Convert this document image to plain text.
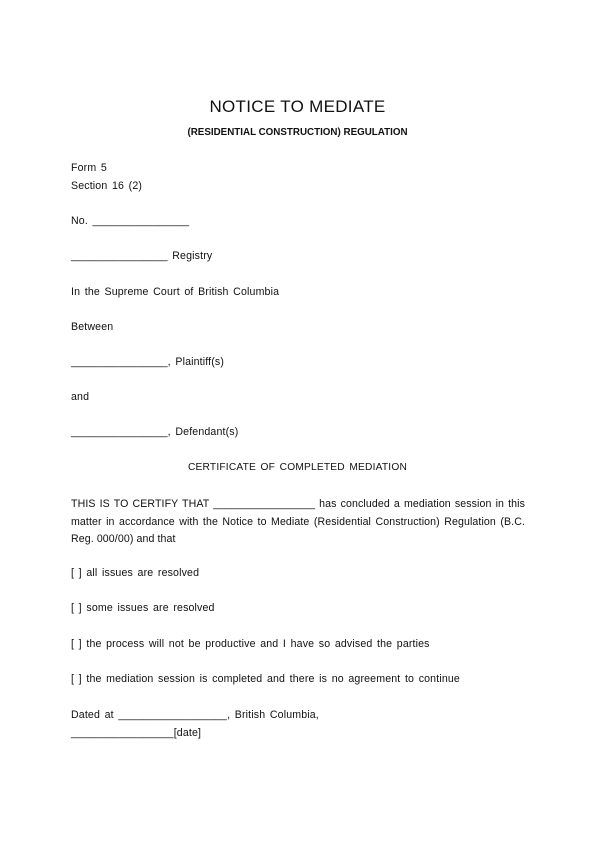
NOTICE TO MEDIATE
(RESIDENTIAL CONSTRUCTION) REGULATION
Form 5
Section 16 (2)
No. ________________
________________ Registry
In the Supreme Court of British Columbia
Between
________________, Plaintiff(s)
and
________________, Defendant(s)
CERTIFICATE OF COMPLETED MEDIATION
THIS IS TO CERTIFY THAT _________________ has concluded a mediation session in this matter in accordance with the Notice to Mediate (Residential Construction) Regulation (B.C. Reg. 000/00) and that
[ ] all issues are resolved
[ ] some issues are resolved
[ ] the process will not be productive and I have so advised the parties
[ ] the mediation session is completed and there is no agreement to continue
Dated at __________________, British Columbia,
_________________[date]
